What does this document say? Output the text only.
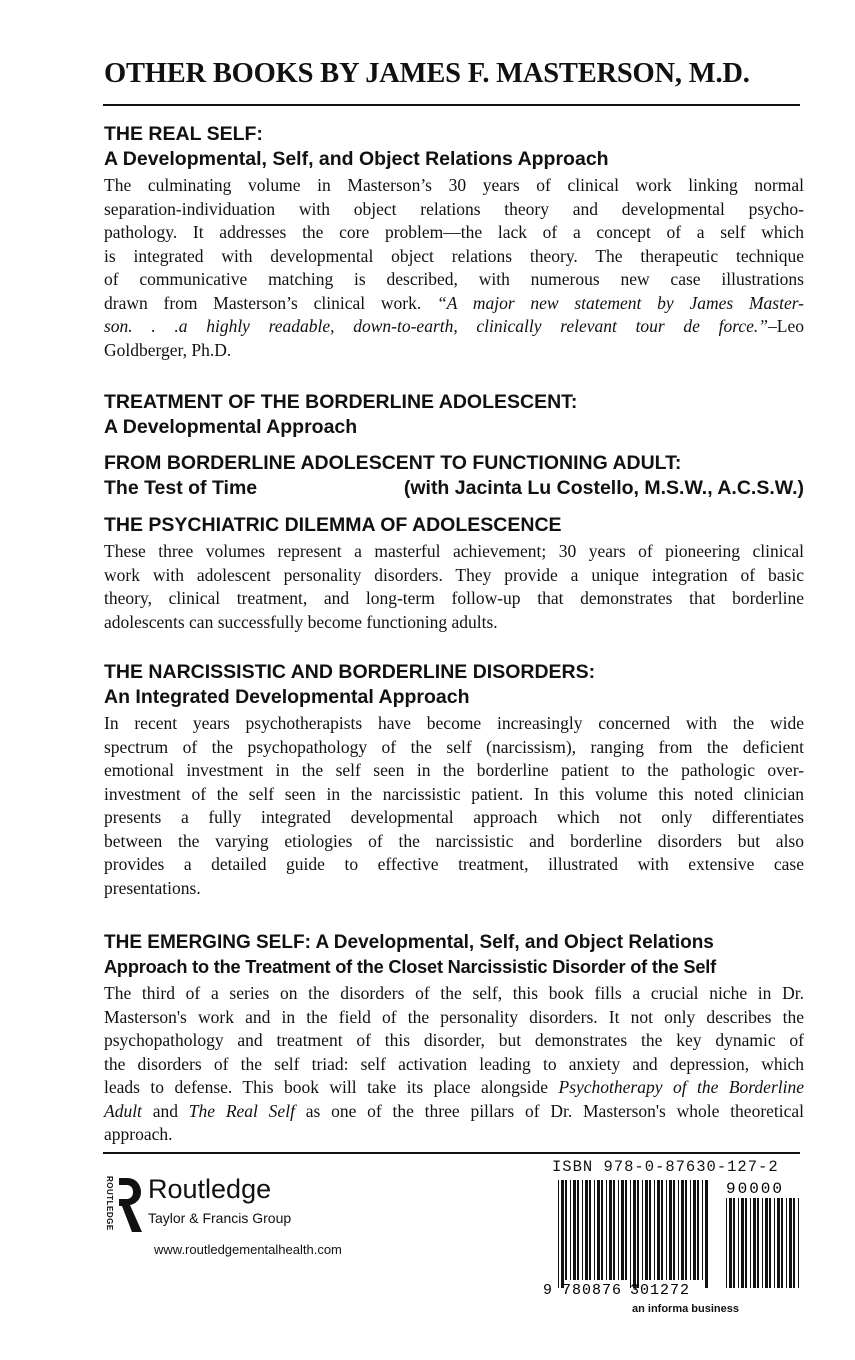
OTHER BOOKS BY JAMES F. MASTERSON, M.D.
THE REAL SELF:
A Developmental, Self, and Object Relations Approach
The culminating volume in Masterson’s 30 years of clinical work linking normal
separation-individuation with object relations theory and developmental psycho-
pathology. It addresses the core problem—the lack of a concept of a self which
is integrated with developmental object relations theory. The therapeutic technique
of communicative matching is described, with numerous new case illustrations
drawn from Masterson’s clinical work. “A major new statement by James Master-
son. . .a highly readable, down-to-earth, clinically relevant tour de force.”–Leo
Goldberger, Ph.D.
TREATMENT OF THE BORDERLINE ADOLESCENT:
A Developmental Approach
FROM BORDERLINE ADOLESCENT TO FUNCTIONING ADULT:
The Test of Time	(with Jacinta Lu Costello, M.S.W., A.C.S.W.)
THE PSYCHIATRIC DILEMMA OF ADOLESCENCE
These three volumes represent a masterful achievement; 30 years of pioneering clinical
work with adolescent personality disorders. They provide a unique integration of basic
theory, clinical treatment, and long-term follow-up that demonstrates that borderline
adolescents can successfully become functioning adults.
THE NARCISSISTIC AND BORDERLINE DISORDERS:
An Integrated Developmental Approach
In recent years psychotherapists have become increasingly concerned with the wide
spectrum of the psychopathology of the self (narcissism), ranging from the deficient
emotional investment in the self seen in the borderline patient to the pathologic over-
investment of the self seen in the narcissistic patient. In this volume this noted clinician
presents a fully integrated developmental approach which not only differentiates
between the varying etiologies of the narcissistic and borderline disorders but also
provides a detailed guide to effective treatment, illustrated with extensive case
presentations.
THE EMERGING SELF: A Developmental, Self, and Object Relations
Approach to the Treatment of the Closet Narcissistic Disorder of the Self
The third of a series on the disorders of the self, this book fills a crucial niche in Dr.
Masterson's work and in the field of the personality disorders. It not only describes the
psychopathology and treatment of this disorder, but demonstrates the key dynamic of
the disorders of the self triad: self activation leading to anxiety and depression, which
leads to defense. This book will take its place alongside Psychotherapy of the Borderline
Adult and The Real Self as one of the three pillars of Dr. Masterson's whole theoretical
approach.
ROUTLEDGE Routledge
Taylor & Francis Group
www.routledgementalhealth.com
ISBN 978-0-87630-127-2
90000
9 780876 301272
an informa business
